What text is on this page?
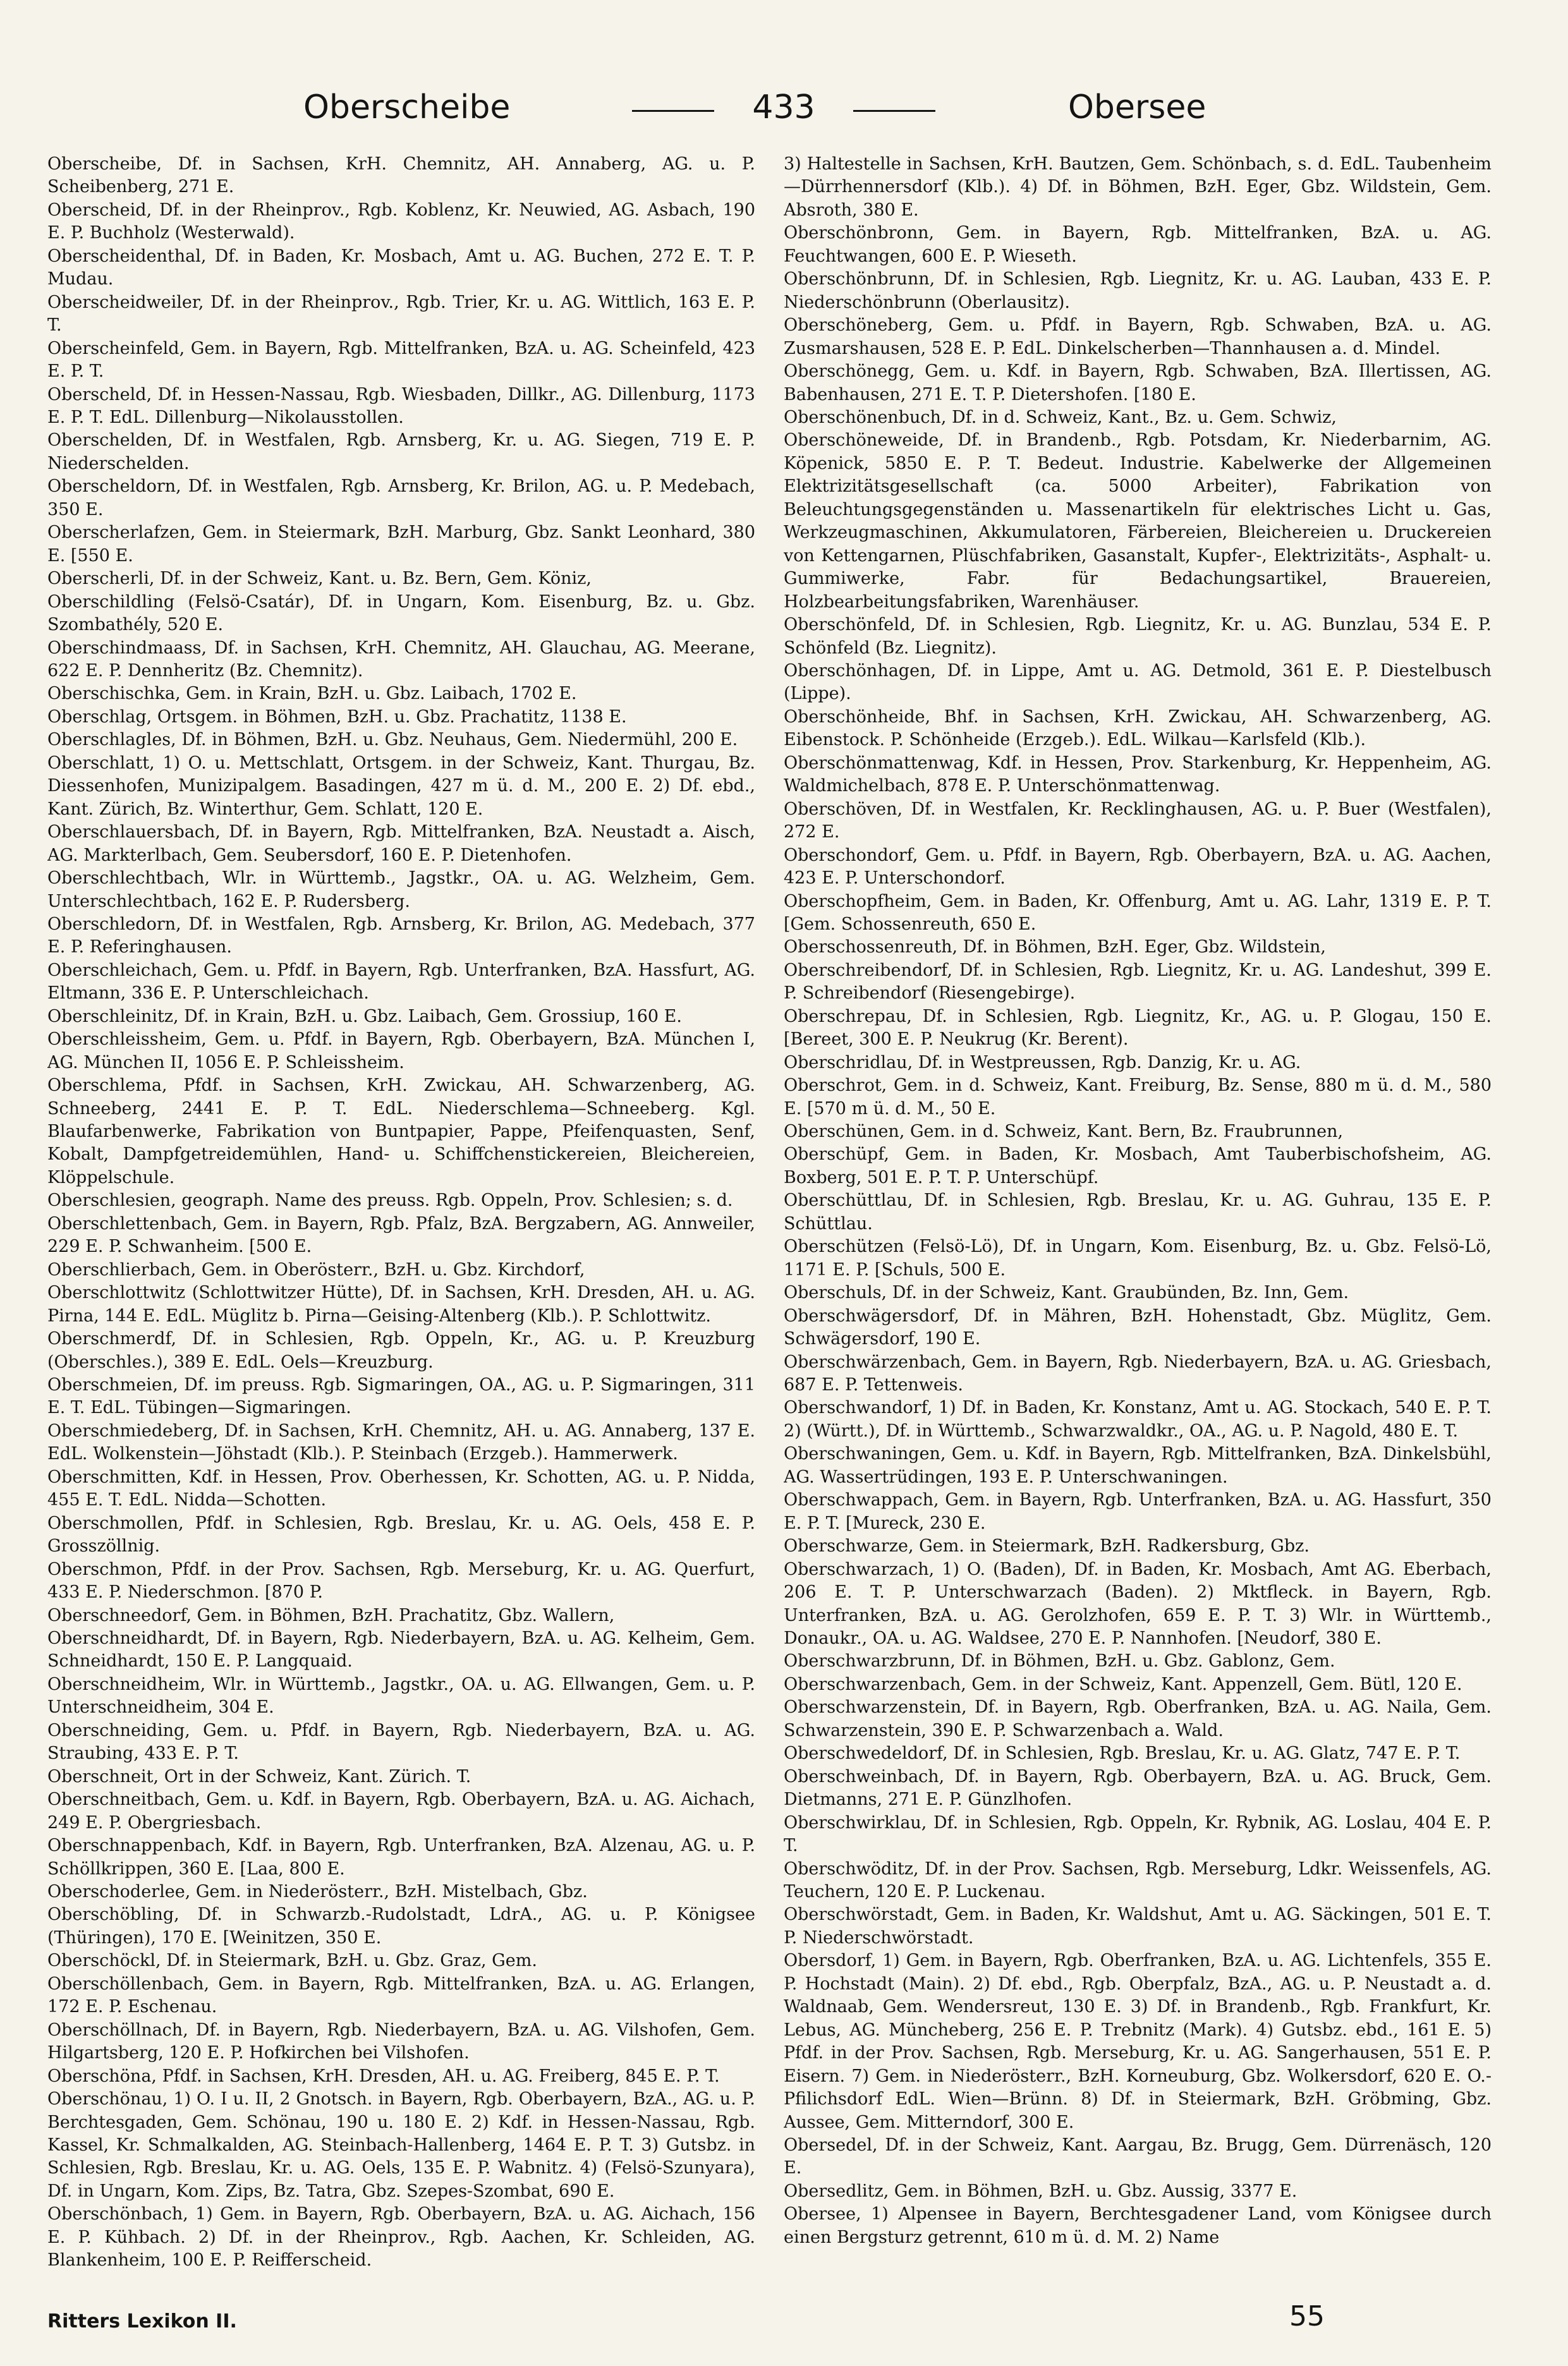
Oberscheibe	433	Obersee

Oberscheibe, Df. in Sachsen, KrH. Chemnitz, AH. Annaberg, AG. u. P. Scheibenberg, 271 E.

Oberscheid, Df. in der Rheinprov., Rgb. Koblenz, Kr. Neuwied, AG. Asbach, 190 E. P. Buchholz (Westerwald).

Oberscheidenthal, Df. in Baden, Kr. Mosbach, Amt u. AG. Buchen, 272 E. T. P. Mudau.

Oberscheidweiler, Df. in der Rheinprov., Rgb. Trier, Kr. u. AG. Wittlich, 163 E. P. T.

Oberscheinfeld, Gem. in Bayern, Rgb. Mittelfranken, BzA. u. AG. Scheinfeld, 423 E. P. T.

Oberscheld, Df. in Hessen-Nassau, Rgb. Wiesbaden, Dillkr., AG. Dillenburg, 1173 E. P. T. EdL. Dillenburg—Nikolausstollen.

Oberschelden, Df. in Westfalen, Rgb. Arnsberg, Kr. u. AG. Siegen, 719 E. P. Niederschelden.

Oberscheldorn, Df. in Westfalen, Rgb. Arnsberg, Kr. Brilon, AG. u. P. Medebach, 350 E.

Oberscherlafzen, Gem. in Steiermark, BzH. Marburg, Gbz. Sankt Leonhard, 380 E. [550 E.

Oberscherli, Df. in der Schweiz, Kant. u. Bz. Bern, Gem. Köniz,

Oberschildling (Felsö-Csatár), Df. in Ungarn, Kom. Eisenburg, Bz. u. Gbz. Szombathély, 520 E.

Oberschindmaass, Df. in Sachsen, KrH. Chemnitz, AH. Glauchau, AG. Meerane, 622 E. P. Dennheritz (Bz. Chemnitz).

Oberschischka, Gem. in Krain, BzH. u. Gbz. Laibach, 1702 E.

Oberschlag, Ortsgem. in Böhmen, BzH. u. Gbz. Prachatitz, 1138 E.

Oberschlagles, Df. in Böhmen, BzH. u. Gbz. Neuhaus, Gem. Niedermühl, 200 E.

Oberschlatt, 1) O. u. Mettschlatt, Ortsgem. in der Schweiz, Kant. Thurgau, Bz. Diessenhofen, Munizipalgem. Basadingen, 427 m ü. d. M., 200 E. 2) Df. ebd., Kant. Zürich, Bz. Winterthur, Gem. Schlatt, 120 E.

Oberschlauersbach, Df. in Bayern, Rgb. Mittelfranken, BzA. Neustadt a. Aisch, AG. Markterlbach, Gem. Seubersdorf, 160 E. P. Dietenhofen.

Oberschlechtbach, Wlr. in Württemb., Jagstkr., OA. u. AG. Welzheim, Gem. Unterschlechtbach, 162 E. P. Rudersberg.

Oberschledorn, Df. in Westfalen, Rgb. Arnsberg, Kr. Brilon, AG. Medebach, 377 E. P. Referinghausen.

Oberschleichach, Gem. u. Pfdf. in Bayern, Rgb. Unterfranken, BzA. Hassfurt, AG. Eltmann, 336 E. P. Unterschleichach.

Oberschleinitz, Df. in Krain, BzH. u. Gbz. Laibach, Gem. Grossiup, 160 E.

Oberschleissheim, Gem. u. Pfdf. in Bayern, Rgb. Oberbayern, BzA. München I, AG. München II, 1056 E. P. Schleissheim.

Oberschlema, Pfdf. in Sachsen, KrH. Zwickau, AH. Schwarzenberg, AG. Schneeberg, 2441 E. P. T. EdL. Niederschlema—Schneeberg. Kgl. Blaufarbenwerke, Fabrikation von Buntpapier, Pappe, Pfeifenquasten, Senf, Kobalt, Dampfgetreidemühlen, Hand- u. Schiffchenstickereien, Bleichereien, Klöppelschule.

Oberschlesien, geograph. Name des preuss. Rgb. Oppeln, Prov. Schlesien; s. d.

Oberschlettenbach, Gem. in Bayern, Rgb. Pfalz, BzA. Bergzabern, AG. Annweiler, 229 E. P. Schwanheim. [500 E.

Oberschlierbach, Gem. in Oberösterr., BzH. u. Gbz. Kirchdorf,

Oberschlottwitz (Schlottwitzer Hütte), Df. in Sachsen, KrH. Dresden, AH. u. AG. Pirna, 144 E. EdL. Müglitz b. Pirna—Geising-Altenberg (Klb.). P. Schlottwitz.

Oberschmerdf, Df. in Schlesien, Rgb. Oppeln, Kr., AG. u. P. Kreuzburg (Oberschles.), 389 E. EdL. Oels—Kreuzburg.

Oberschmeien, Df. im preuss. Rgb. Sigmaringen, OA., AG. u. P. Sigmaringen, 311 E. T. EdL. Tübingen—Sigmaringen.

Oberschmiedeberg, Df. in Sachsen, KrH. Chemnitz, AH. u. AG. Annaberg, 137 E. EdL. Wolkenstein—Jöhstadt (Klb.). P. Steinbach (Erzgeb.). Hammerwerk.

Oberschmitten, Kdf. in Hessen, Prov. Oberhessen, Kr. Schotten, AG. u. P. Nidda, 455 E. T. EdL. Nidda—Schotten.

Oberschmollen, Pfdf. in Schlesien, Rgb. Breslau, Kr. u. AG. Oels, 458 E. P. Grosszöllnig.

Oberschmon, Pfdf. in der Prov. Sachsen, Rgb. Merseburg, Kr. u. AG. Querfurt, 433 E. P. Niederschmon. [870 P.

Oberschneedorf, Gem. in Böhmen, BzH. Prachatitz, Gbz. Wallern,

Oberschneidhardt, Df. in Bayern, Rgb. Niederbayern, BzA. u. AG. Kelheim, Gem. Schneidhardt, 150 E. P. Langquaid.

Oberschneidheim, Wlr. in Württemb., Jagstkr., OA. u. AG. Ellwangen, Gem. u. P. Unterschneidheim, 304 E.

Oberschneiding, Gem. u. Pfdf. in Bayern, Rgb. Niederbayern, BzA. u. AG. Straubing, 433 E. P. T.

Oberschneit, Ort in der Schweiz, Kant. Zürich. T.

Oberschneitbach, Gem. u. Kdf. in Bayern, Rgb. Oberbayern, BzA. u. AG. Aichach, 249 E. P. Obergriesbach.

Oberschnappenbach, Kdf. in Bayern, Rgb. Unterfranken, BzA. Alzenau, AG. u. P. Schöllkrippen, 360 E. [Laa, 800 E.

Oberschoderlee, Gem. in Niederösterr., BzH. Mistelbach, Gbz.

Oberschöbling, Df. in Schwarzb.-Rudolstadt, LdrA., AG. u. P. Königsee (Thüringen), 170 E. [Weinitzen, 350 E.

Oberschöckl, Df. in Steiermark, BzH. u. Gbz. Graz, Gem.

Oberschöllenbach, Gem. in Bayern, Rgb. Mittelfranken, BzA. u. AG. Erlangen, 172 E. P. Eschenau.

Oberschöllnach, Df. in Bayern, Rgb. Niederbayern, BzA. u. AG. Vilshofen, Gem. Hilgartsberg, 120 E. P. Hofkirchen bei Vilshofen.

Oberschöna, Pfdf. in Sachsen, KrH. Dresden, AH. u. AG. Freiberg, 845 E. P. T.

Oberschönau, 1) O. I u. II, 2 Gnotsch. in Bayern, Rgb. Oberbayern, BzA., AG. u. P. Berchtesgaden, Gem. Schönau, 190 u. 180 E. 2) Kdf. in Hessen-Nassau, Rgb. Kassel, Kr. Schmalkalden, AG. Steinbach-Hallenberg, 1464 E. P. T. 3) Gutsbz. in Schlesien, Rgb. Breslau, Kr. u. AG. Oels, 135 E. P. Wabnitz. 4) (Felsö-Szunyara), Df. in Ungarn, Kom. Zips, Bz. Tatra, Gbz. Szepes-Szombat, 690 E.

Oberschönbach, 1) Gem. in Bayern, Rgb. Oberbayern, BzA. u. AG. Aichach, 156 E. P. Kühbach. 2) Df. in der Rheinprov., Rgb. Aachen, Kr. Schleiden, AG. Blankenheim, 100 E. P. Reifferscheid.

3) Haltestelle in Sachsen, KrH. Bautzen, Gem. Schönbach, s. d. EdL. Taubenheim—Dürrhennersdorf (Klb.). 4) Df. in Böhmen, BzH. Eger, Gbz. Wildstein, Gem. Absroth, 380 E.

Oberschönbronn, Gem. in Bayern, Rgb. Mittelfranken, BzA. u. AG. Feuchtwangen, 600 E. P. Wieseth.

Oberschönbrunn, Df. in Schlesien, Rgb. Liegnitz, Kr. u. AG. Lauban, 433 E. P. Niederschönbrunn (Oberlausitz).

Oberschöneberg, Gem. u. Pfdf. in Bayern, Rgb. Schwaben, BzA. u. AG. Zusmarshausen, 528 E. P. EdL. Dinkelscherben—Thannhausen a. d. Mindel.

Oberschönegg, Gem. u. Kdf. in Bayern, Rgb. Schwaben, BzA. Illertissen, AG. Babenhausen, 271 E. T. P. Dietershofen. [180 E.

Oberschönenbuch, Df. in d. Schweiz, Kant., Bz. u. Gem. Schwiz,

Oberschöneweide, Df. in Brandenb., Rgb. Potsdam, Kr. Niederbarnim, AG. Köpenick, 5850 E. P. T. Bedeut. Industrie. Kabelwerke der Allgemeinen Elektrizitätsgesellschaft (ca. 5000 Arbeiter), Fabrikation von Beleuchtungsgegenständen u. Massenartikeln für elektrisches Licht u. Gas, Werkzeugmaschinen, Akkumulatoren, Färbereien, Bleichereien u. Druckereien von Kettengarnen, Plüschfabriken, Gasanstalt, Kupfer-, Elektrizitäts-, Asphalt- u. Gummiwerke, Fabr. für Bedachungsartikel, Brauereien, Holzbearbeitungsfabriken, Warenhäuser.

Oberschönfeld, Df. in Schlesien, Rgb. Liegnitz, Kr. u. AG. Bunzlau, 534 E. P. Schönfeld (Bz. Liegnitz).

Oberschönhagen, Df. in Lippe, Amt u. AG. Detmold, 361 E. P. Diestelbusch (Lippe).

Oberschönheide, Bhf. in Sachsen, KrH. Zwickau, AH. Schwarzenberg, AG. Eibenstock. P. Schönheide (Erzgeb.). EdL. Wilkau—Karlsfeld (Klb.).

Oberschönmattenwag, Kdf. in Hessen, Prov. Starkenburg, Kr. Heppenheim, AG. Waldmichelbach, 878 E. P. Unterschönmattenwag.

Oberschöven, Df. in Westfalen, Kr. Recklinghausen, AG. u. P. Buer (Westfalen), 272 E.

Oberschondorf, Gem. u. Pfdf. in Bayern, Rgb. Oberbayern, BzA. u. AG. Aachen, 423 E. P. Unterschondorf.

Oberschopfheim, Gem. in Baden, Kr. Offenburg, Amt u. AG. Lahr, 1319 E. P. T. [Gem. Schossenreuth, 650 E.

Oberschossenreuth, Df. in Böhmen, BzH. Eger, Gbz. Wildstein,

Oberschreibendorf, Df. in Schlesien, Rgb. Liegnitz, Kr. u. AG. Landeshut, 399 E. P. Schreibendorf (Riesengebirge).

Oberschrepau, Df. in Schlesien, Rgb. Liegnitz, Kr., AG. u. P. Glogau, 150 E. [Bereet, 300 E. P. Neukrug (Kr. Berent).

Oberschridlau, Df. in Westpreussen, Rgb. Danzig, Kr. u. AG.

Oberschrot, Gem. in d. Schweiz, Kant. Freiburg, Bz. Sense, 880 m ü. d. M., 580 E. [570 m ü. d. M., 50 E.

Oberschünen, Gem. in d. Schweiz, Kant. Bern, Bz. Fraubrunnen,

Oberschüpf, Gem. in Baden, Kr. Mosbach, Amt Tauberbischofsheim, AG. Boxberg, 501 E. P. T. P. Unterschüpf.

Oberschüttlau, Df. in Schlesien, Rgb. Breslau, Kr. u. AG. Guhrau, 135 E. P. Schüttlau.

Oberschützen (Felsö-Lö), Df. in Ungarn, Kom. Eisenburg, Bz. u. Gbz. Felsö-Lö, 1171 E. P. [Schuls, 500 E.

Oberschuls, Df. in der Schweiz, Kant. Graubünden, Bz. Inn, Gem.

Oberschwägersdorf, Df. in Mähren, BzH. Hohenstadt, Gbz. Müglitz, Gem. Schwägersdorf, 190 E.

Oberschwärzenbach, Gem. in Bayern, Rgb. Niederbayern, BzA. u. AG. Griesbach, 687 E. P. Tettenweis.

Oberschwandorf, 1) Df. in Baden, Kr. Konstanz, Amt u. AG. Stockach, 540 E. P. T. 2) (Württ.), Df. in Württemb., Schwarzwaldkr., OA., AG. u. P. Nagold, 480 E. T.

Oberschwaningen, Gem. u. Kdf. in Bayern, Rgb. Mittelfranken, BzA. Dinkelsbühl, AG. Wassertrüdingen, 193 E. P. Unterschwaningen.

Oberschwappach, Gem. in Bayern, Rgb. Unterfranken, BzA. u. AG. Hassfurt, 350 E. P. T. [Mureck, 230 E.

Oberschwarze, Gem. in Steiermark, BzH. Radkersburg, Gbz.

Oberschwarzach, 1) O. (Baden), Df. in Baden, Kr. Mosbach, Amt AG. Eberbach, 206 E. T. P. Unterschwarzach (Baden). 2) Mktfleck. in Bayern, Rgb. Unterfranken, BzA. u. AG. Gerolzhofen, 659 E. P. T. 3) Wlr. in Württemb., Donaukr., OA. u. AG. Waldsee, 270 E. P. Nannhofen. [Neudorf, 380 E.

Oberschwarzbrunn, Df. in Böhmen, BzH. u. Gbz. Gablonz, Gem.

Oberschwarzenbach, Gem. in der Schweiz, Kant. Appenzell, Gem. Bütl, 120 E.

Oberschwarzenstein, Df. in Bayern, Rgb. Oberfranken, BzA. u. AG. Naila, Gem. Schwarzenstein, 390 E. P. Schwarzenbach a. Wald.

Oberschwedeldorf, Df. in Schlesien, Rgb. Breslau, Kr. u. AG. Glatz, 747 E. P. T.

Oberschweinbach, Df. in Bayern, Rgb. Oberbayern, BzA. u. AG. Bruck, Gem. Dietmanns, 271 E. P. Günzlhofen.

Oberschwirklau, Df. in Schlesien, Rgb. Oppeln, Kr. Rybnik, AG. Loslau, 404 E. P. T.

Oberschwöditz, Df. in der Prov. Sachsen, Rgb. Merseburg, Ldkr. Weissenfels, AG. Teuchern, 120 E. P. Luckenau.

Oberschwörstadt, Gem. in Baden, Kr. Waldshut, Amt u. AG. Säckingen, 501 E. T. P. Niederschwörstadt.

Obersdorf, 1) Gem. in Bayern, Rgb. Oberfranken, BzA. u. AG. Lichtenfels, 355 E. P. Hochstadt (Main). 2) Df. ebd., Rgb. Oberpfalz, BzA., AG. u. P. Neustadt a. d. Waldnaab, Gem. Wendersreut, 130 E. 3) Df. in Brandenb., Rgb. Frankfurt, Kr. Lebus, AG. Müncheberg, 256 E. P. Trebnitz (Mark). 4) Gutsbz. ebd., 161 E. 5) Pfdf. in der Prov. Sachsen, Rgb. Merseburg, Kr. u. AG. Sangerhausen, 551 E. P. Eisern. 7) Gem. in Niederösterr., BzH. Korneuburg, Gbz. Wolkersdorf, 620 E. O.-Pfilichsdorf EdL. Wien—Brünn. 8) Df. in Steiermark, BzH. Gröbming, Gbz. Aussee, Gem. Mitterndorf, 300 E.

Obersedel, Df. in der Schweiz, Kant. Aargau, Bz. Brugg, Gem. Dürrenäsch, 120 E.

Obersedlitz, Gem. in Böhmen, BzH. u. Gbz. Aussig, 3377 E.

Obersee, 1) Alpensee in Bayern, Berchtesgadener Land, vom Königsee durch einen Bergsturz getrennt, 610 m ü. d. M. 2) Name

Ritters Lexikon II.	55
